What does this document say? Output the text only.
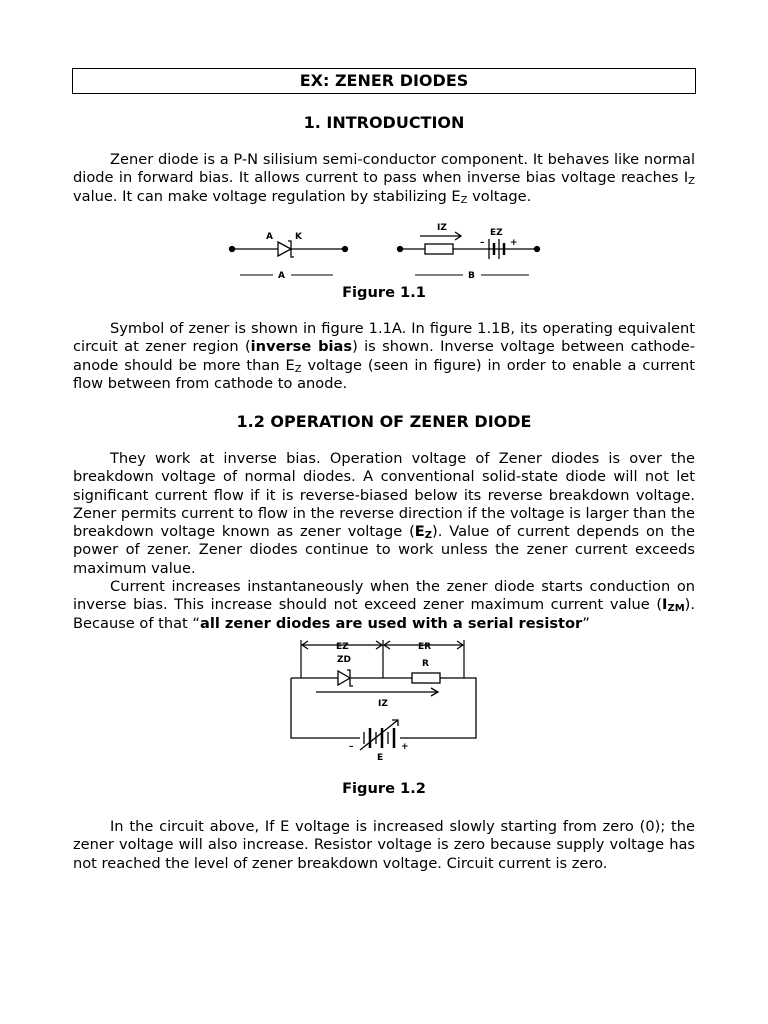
EX: ZENER DIODES
1. INTRODUCTION

Zener diode is a P-N silisium semi-conductor component. It behaves like normal diode in forward bias. It allows current to pass when inverse bias voltage reaches $I_Z$ value. It can make voltage regulation by stabilizing $E_Z$ voltage.

A K
IZ	EZ
–	+
A	B
Figure 1.1

Symbol of zener is shown in figure 1.1A. In figure 1.1B, its operating equivalent circuit at zener region (inverse bias) is shown. Inverse voltage between cathode-anode should be more than $E_Z$ voltage (seen in figure) in order to enable a current flow between from cathode to anode.

1.2 OPERATION OF ZENER DIODE

They work at inverse bias. Operation voltage of Zener diodes is over the breakdown voltage of normal diodes. A conventional solid-state diode will not let significant current flow if it is reverse-biased below its reverse breakdown voltage. Zener permits current to flow in the reverse direction if the voltage is larger than the breakdown voltage known as zener voltage $(E_Z)$. Value of current depends on the power of zener. Zener diodes continue to work unless the zener current exceeds maximum value.

Current increases instantaneously when the zener diode starts conduction on inverse bias. This increase should not exceed zener maximum current value $(I_{ZM})$. Because of that “all zener diodes are used with a serial resistor”

EZ	ER
ZD	R
IZ
–	+
E
Figure 1.2

In the circuit above, If E voltage is increased slowly starting from zero (0); the zener voltage will also increase. Resistor voltage is zero because supply voltage has not reached the level of zener breakdown voltage. Circuit current is zero.
